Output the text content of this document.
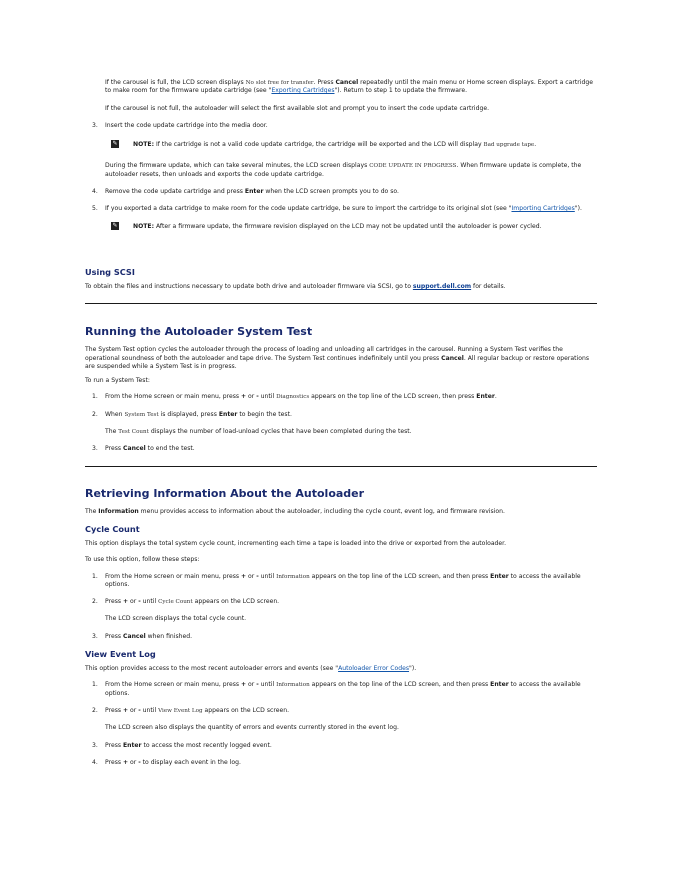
If the carousel is full, the LCD screen displays No slot free for transfer. Press Cancel repeatedly until the main menu or Home screen displays. Export a cartridge to make room for the firmware update cartridge (see "Exporting Cartridges"). Return to step 1 to update the firmware.

If the carousel is not full, the autoloader will select the first available slot and prompt you to insert the code update cartridge.

3. Insert the code update cartridge into the media door.

✎	NOTE: If the cartridge is not a valid code update cartridge, the cartridge will be exported and the LCD will display Bad upgrade tape.

During the firmware update, which can take several minutes, the LCD screen displays CODE UPDATE IN PROGRESS. When firmware update is complete, the autoloader resets, then unloads and exports the code update cartridge.

4. Remove the code update cartridge and press Enter when the LCD screen prompts you to do so.
5. If you exported a data cartridge to make room for the code update cartridge, be sure to import the cartridge to its original slot (see "Importing Cartridges").

✎	NOTE: After a firmware update, the firmware revision displayed on the LCD may not be updated until the autoloader is power cycled.

Using SCSI

To obtain the files and instructions necessary to update both drive and autoloader firmware via SCSI, go to support.dell.com for details.

Running the Autoloader System Test

The System Test option cycles the autoloader through the process of loading and unloading all cartridges in the carousel. Running a System Test verifies the operational soundness of both the autoloader and tape drive. The System Test continues indefinitely until you press Cancel. All regular backup or restore operations are suspended while a System Test is in progress.

To run a System Test:

1. From the Home screen or main menu, press + or - until Diagnostics appears on the top line of the LCD screen, then press Enter.
2. When System Test is displayed, press Enter to begin the test.

The Test Count displays the number of load-unload cycles that have been completed during the test.

3. Press Cancel to end the test.
Retrieving Information About the Autoloader

The Information menu provides access to information about the autoloader, including the cycle count, event log, and firmware revision.

Cycle Count

This option displays the total system cycle count, incrementing each time a tape is loaded into the drive or exported from the autoloader.

To use this option, follow these steps:

1. From the Home screen or main menu, press + or - until Information appears on the top line of the LCD screen, and then press Enter to access the available options.
2. Press + or - until Cycle Count appears on the LCD screen.

The LCD screen displays the total cycle count.

3. Press Cancel when finished.
View Event Log

This option provides access to the most recent autoloader errors and events (see "Autoloader Error Codes").

1. From the Home screen or main menu, press + or - until Information appears on the top line of the LCD screen, and then press Enter to access the available options.
2. Press + or - until View Event Log appears on the LCD screen.

The LCD screen also displays the quantity of errors and events currently stored in the event log.

3. Press Enter to access the most recently logged event.
4. Press + or - to display each event in the log.
